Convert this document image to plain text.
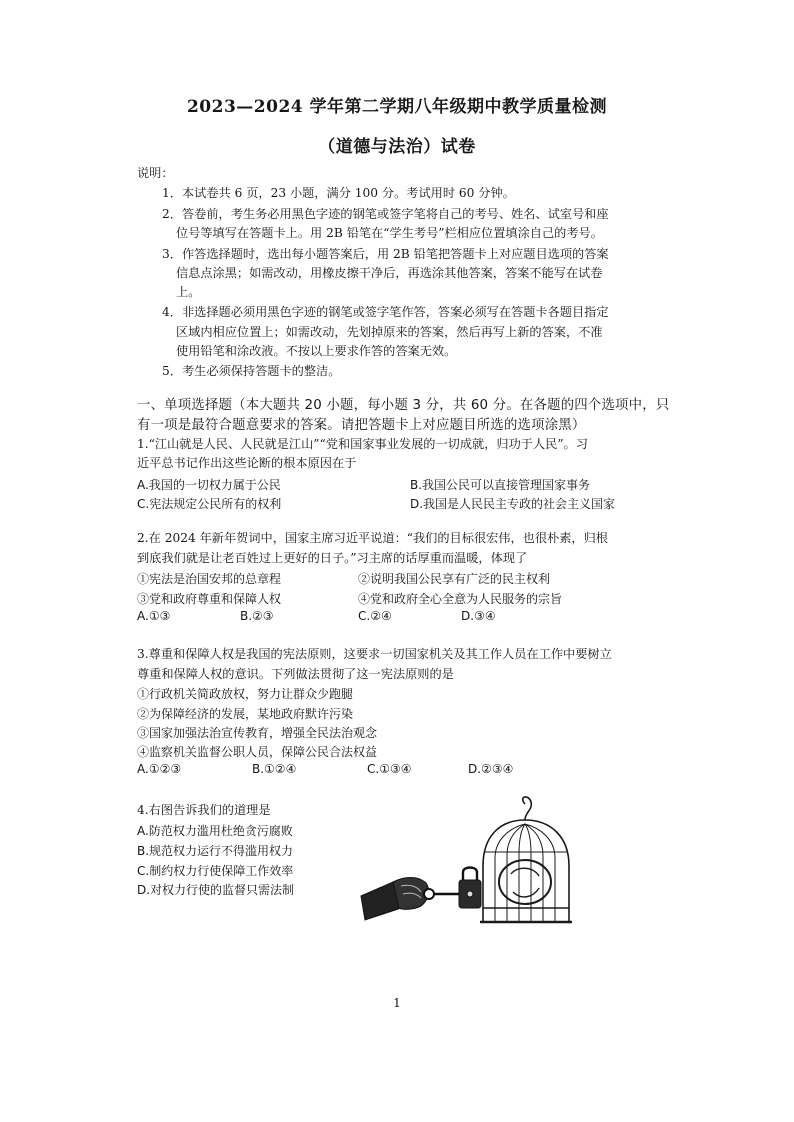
2023—2024 学年第二学期八年级期中教学质量检测
（道德与法治）试卷
说明：
1．本试卷共 6 页，23 小题，满分 100 分。考试用时 60 分钟。
2．答卷前，考生务必用黑色字迹的钢笔或签字笔将自己的考号、姓名、试室号和座
位号等填写在答题卡上。用 2B 铅笔在“学生考号”栏相应位置填涂自己的考号。
3．作答选择题时，选出每小题答案后，用 2B 铅笔把答题卡上对应题目选项的答案
信息点涂黑；如需改动，用橡皮擦干净后，再选涂其他答案，答案不能写在试卷
上。
4．非选择题必须用黑色字迹的钢笔或签字笔作答，答案必须写在答题卡各题目指定
区域内相应位置上；如需改动，先划掉原来的答案，然后再写上新的答案，不准
使用铅笔和涂改液。不按以上要求作答的答案无效。
5．考生必须保持答题卡的整洁。
一、单项选择题（本大题共 20 小题，每小题 3 分，共 60 分。在各题的四个选项中，只
有一项是最符合题意要求的答案。请把答题卡上对应题目所选的选项涂黑）
1.“江山就是人民、人民就是江山”“党和国家事业发展的一切成就，归功于人民”。习
近平总书记作出这些论断的根本原因在于
A.我国的一切权力属于公民	B.我国公民可以直接管理国家事务
C.宪法规定公民所有的权利	D.我国是人民民主专政的社会主义国家
2.在 2024 年新年贺词中，国家主席习近平说道：“我们的目标很宏伟，也很朴素，归根
到底我们就是让老百姓过上更好的日子。”习主席的话厚重而温暖，体现了
①宪法是治国安邦的总章程	②说明我国公民享有广泛的民主权利
③党和政府尊重和保障人权	④党和政府全心全意为人民服务的宗旨
A.①③	B.②③	C.②④	D.③④
3.尊重和保障人权是我国的宪法原则，这要求一切国家机关及其工作人员在工作中要树立
尊重和保障人权的意识。下列做法贯彻了这一宪法原则的是
①行政机关简政放权，努力让群众少跑腿
②为保障经济的发展，某地政府默许污染
③国家加强法治宣传教育，增强全民法治观念
④监察机关监督公职人员，保障公民合法权益
A.①②③	B.①②④	C.①③④	D.②③④
4.右图告诉我们的道理是
A.防范权力滥用杜绝贪污腐败
B.规范权力运行不得滥用权力
C.制约权力行使保障工作效率
D.对权力行使的监督只需法制
1
